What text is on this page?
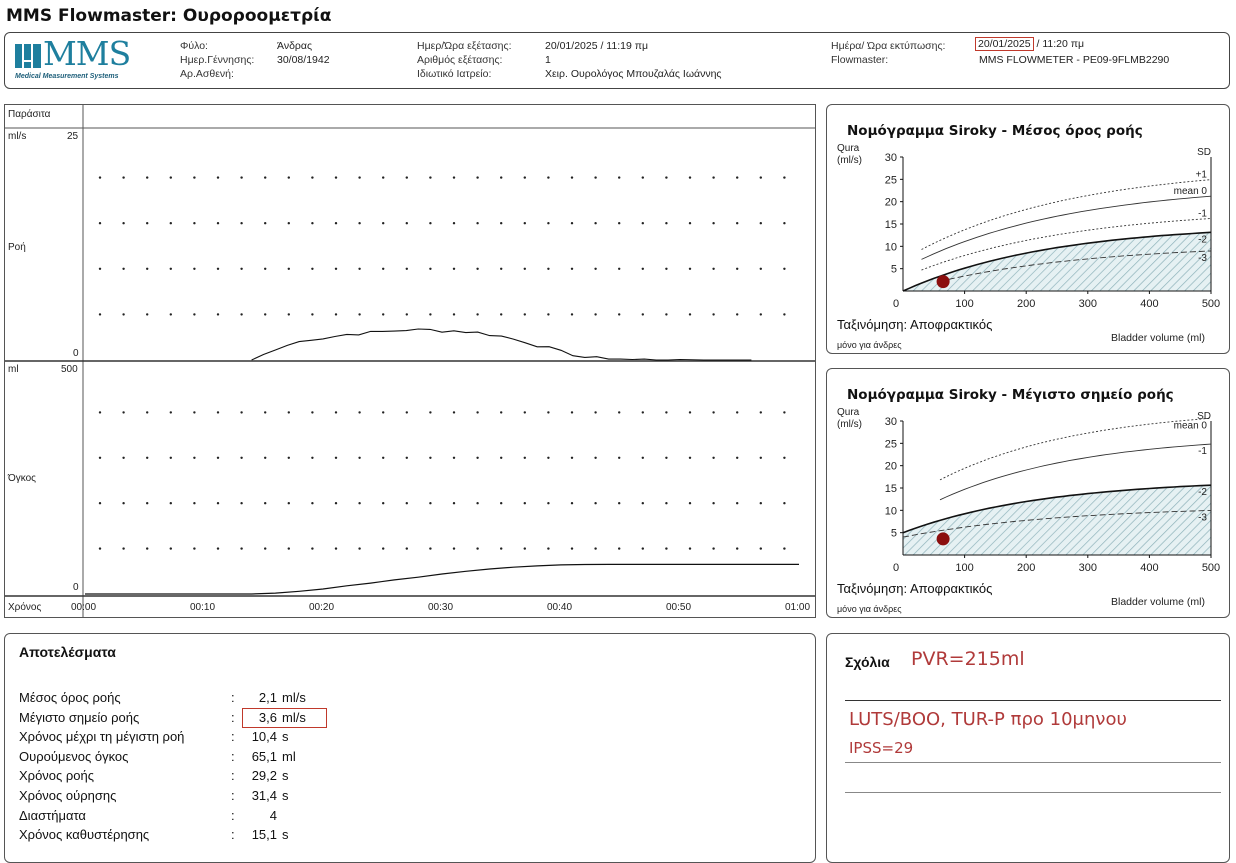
MMS Flowmaster: Ουροροομετρία
MMS
Medical Measurement Systems
Φύλο:	Άνδρας
Ημερ.Γέννησης: 30/08/1942
Αρ.Ασθενή:
Ημερ/Ώρα εξέτασης:	20/01/2025 / 11:19 πμ
Αριθμός εξέτασης:	1
Ιδιωτικό Ιατρείο:	Χειρ. Ουρολόγος Μπουζαλάς Ιωάννης
Ημέρα/ Ώρα εκτύπωσης:	20/01/2025 / 11:20 πμ
Flowmaster:	MMS FLOWMETER - PE09-9FLMB2290
Παράσιτα
ml/s	25
Ροή
0
ml	500
Όγκος
0
Χρόνος	00:00	00:10	00:20	00:30	00:40	00:50	01:00
Νομόγραμμα Siroky - Μέσος όρος ροής
Qura
(ml/s) 30
25
20
15
10
5
0	100	200	300	400	500
+1
mean 0
-1
-2
-3
SD
Ταξινόμηση: Αποφρακτικός
μόνο για άνδρες
Bladder volume (ml)
Νομόγραμμα Siroky - Μέγιστο σημείο ροής
Qura
(ml/s) 30
25
20
15
10
5
0	100	200	300	400	500
mean 0
-1
-2
-3
SD
Ταξινόμηση: Αποφρακτικός
μόνο για άνδρες
Bladder volume (ml)
Αποτελέσματα
Μέσος όρος ροής	: 2,1 ml/s
Μέγιστο σημείο ροής	: 3,6 ml/s
Χρόνος μέχρι τη μέγιστη ροή	: 10,4 s
Ουρούμενος όγκος	: 65,1 ml
Χρόνος ροής	: 29,2 s
Χρόνος ούρησης	: 31,4 s
Διαστήματα	:	4
Χρόνος καθυστέρησης	: 15,1 s
Σχόλια PVR=215ml
LUTS/BOO, TUR-P προ 10μηνου
IPSS=29
